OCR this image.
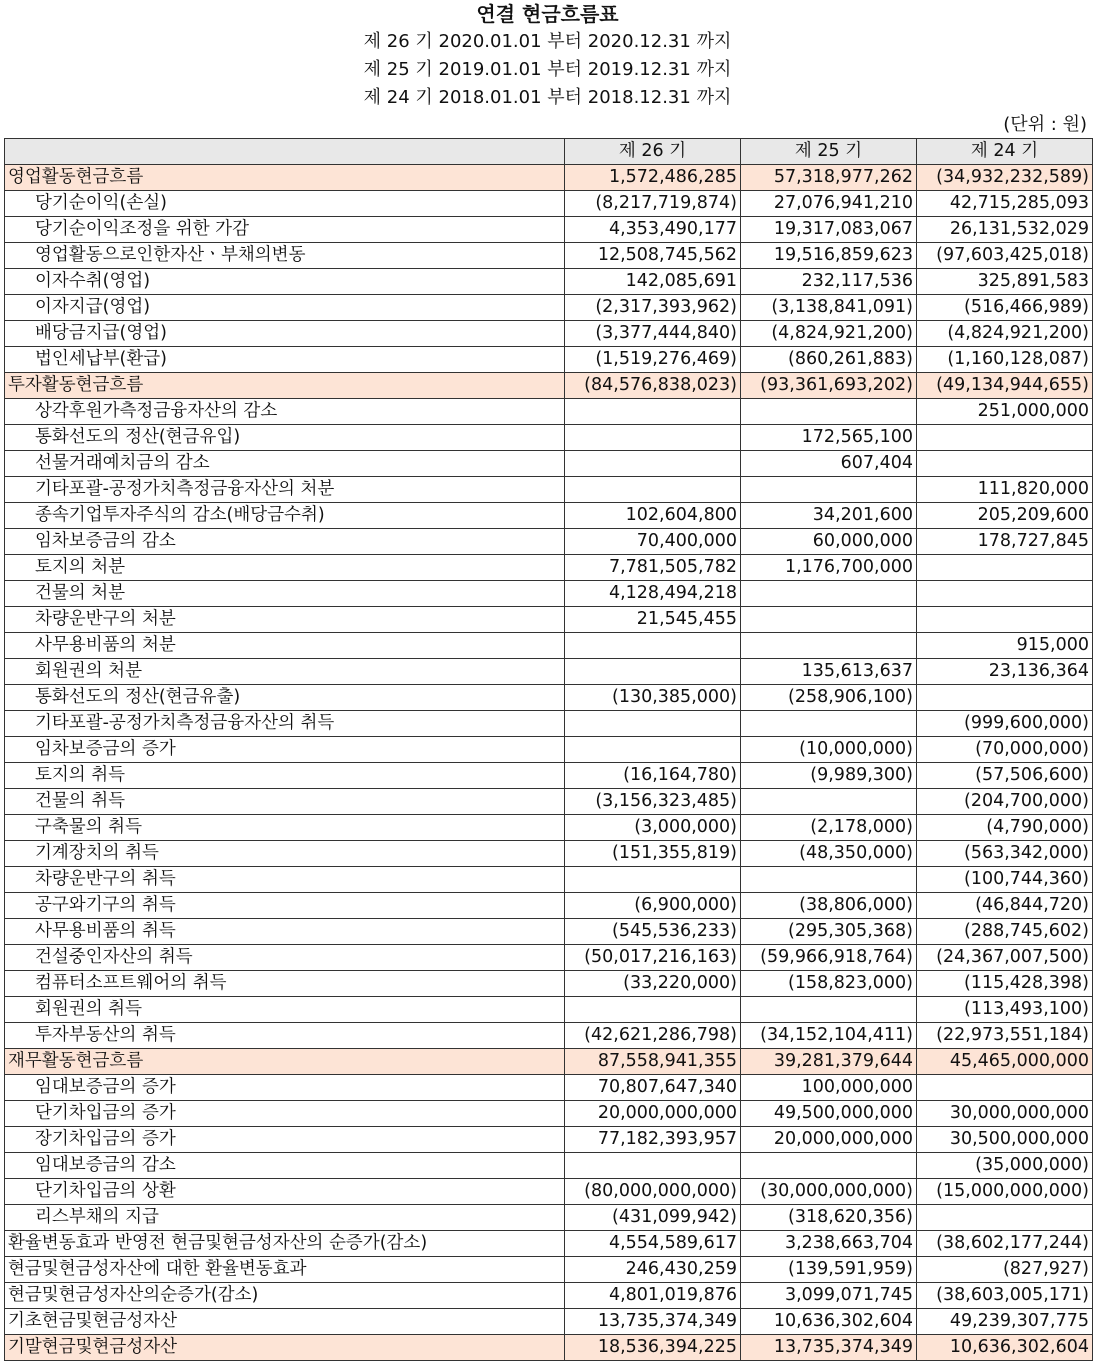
연결 현금흐름표
제 26 기 2020.01.01 부터 2020.12.31 까지
제 25 기 2019.01.01 부터 2019.12.31 까지
제 24 기 2018.01.01 부터 2018.12.31 까지
(단위 : 원)
	제 26 기	제 25 기	제 24 기
영업활동현금흐름	1,572,486,285	57,318,977,262	(34,932,232,589)
당기순이익(손실)	(8,217,719,874)	27,076,941,210	42,715,285,093
당기순이익조정을 위한 가감	4,353,490,177	19,317,083,067	26,131,532,029
영업활동으로인한자산ㆍ부채의변동	12,508,745,562	19,516,859,623	(97,603,425,018)
이자수취(영업)	142,085,691	232,117,536	325,891,583
이자지급(영업)	(2,317,393,962)	(3,138,841,091)	(516,466,989)
배당금지급(영업)	(3,377,444,840)	(4,824,921,200)	(4,824,921,200)
법인세납부(환급)	(1,519,276,469)	(860,261,883)	(1,160,128,087)
투자활동현금흐름	(84,576,838,023)	(93,361,693,202)	(49,134,944,655)
상각후원가측정금융자산의 감소			251,000,000
통화선도의 정산(현금유입)		172,565,100	
선물거래예치금의 감소		607,404	
기타포괄-공정가치측정금융자산의 처분			111,820,000
종속기업투자주식의 감소(배당금수취)	102,604,800	34,201,600	205,209,600
임차보증금의 감소	70,400,000	60,000,000	178,727,845
토지의 처분	7,781,505,782	1,176,700,000	
건물의 처분	4,128,494,218		
차량운반구의 처분	21,545,455		
사무용비품의 처분			915,000
회원권의 처분		135,613,637	23,136,364
통화선도의 정산(현금유출)	(130,385,000)	(258,906,100)	
기타포괄-공정가치측정금융자산의 취득			(999,600,000)
임차보증금의 증가		(10,000,000)	(70,000,000)
토지의 취득	(16,164,780)	(9,989,300)	(57,506,600)
건물의 취득	(3,156,323,485)		(204,700,000)
구축물의 취득	(3,000,000)	(2,178,000)	(4,790,000)
기계장치의 취득	(151,355,819)	(48,350,000)	(563,342,000)
차량운반구의 취득			(100,744,360)
공구와기구의 취득	(6,900,000)	(38,806,000)	(46,844,720)
사무용비품의 취득	(545,536,233)	(295,305,368)	(288,745,602)
건설중인자산의 취득	(50,017,216,163)	(59,966,918,764)	(24,367,007,500)
컴퓨터소프트웨어의 취득	(33,220,000)	(158,823,000)	(115,428,398)
회원권의 취득			(113,493,100)
투자부동산의 취득	(42,621,286,798)	(34,152,104,411)	(22,973,551,184)
재무활동현금흐름	87,558,941,355	39,281,379,644	45,465,000,000
임대보증금의 증가	70,807,647,340	100,000,000	
단기차입금의 증가	20,000,000,000	49,500,000,000	30,000,000,000
장기차입금의 증가	77,182,393,957	20,000,000,000	30,500,000,000
임대보증금의 감소			(35,000,000)
단기차입금의 상환	(80,000,000,000)	(30,000,000,000)	(15,000,000,000)
리스부채의 지급	(431,099,942)	(318,620,356)	
환율변동효과 반영전 현금및현금성자산의 순증가(감소)	4,554,589,617	3,238,663,704	(38,602,177,244)
현금및현금성자산에 대한 환율변동효과	246,430,259	(139,591,959)	(827,927)
현금및현금성자산의순증가(감소)	4,801,019,876	3,099,071,745	(38,603,005,171)
기초현금및현금성자산	13,735,374,349	10,636,302,604	49,239,307,775
기말현금및현금성자산	18,536,394,225	13,735,374,349	10,636,302,604
